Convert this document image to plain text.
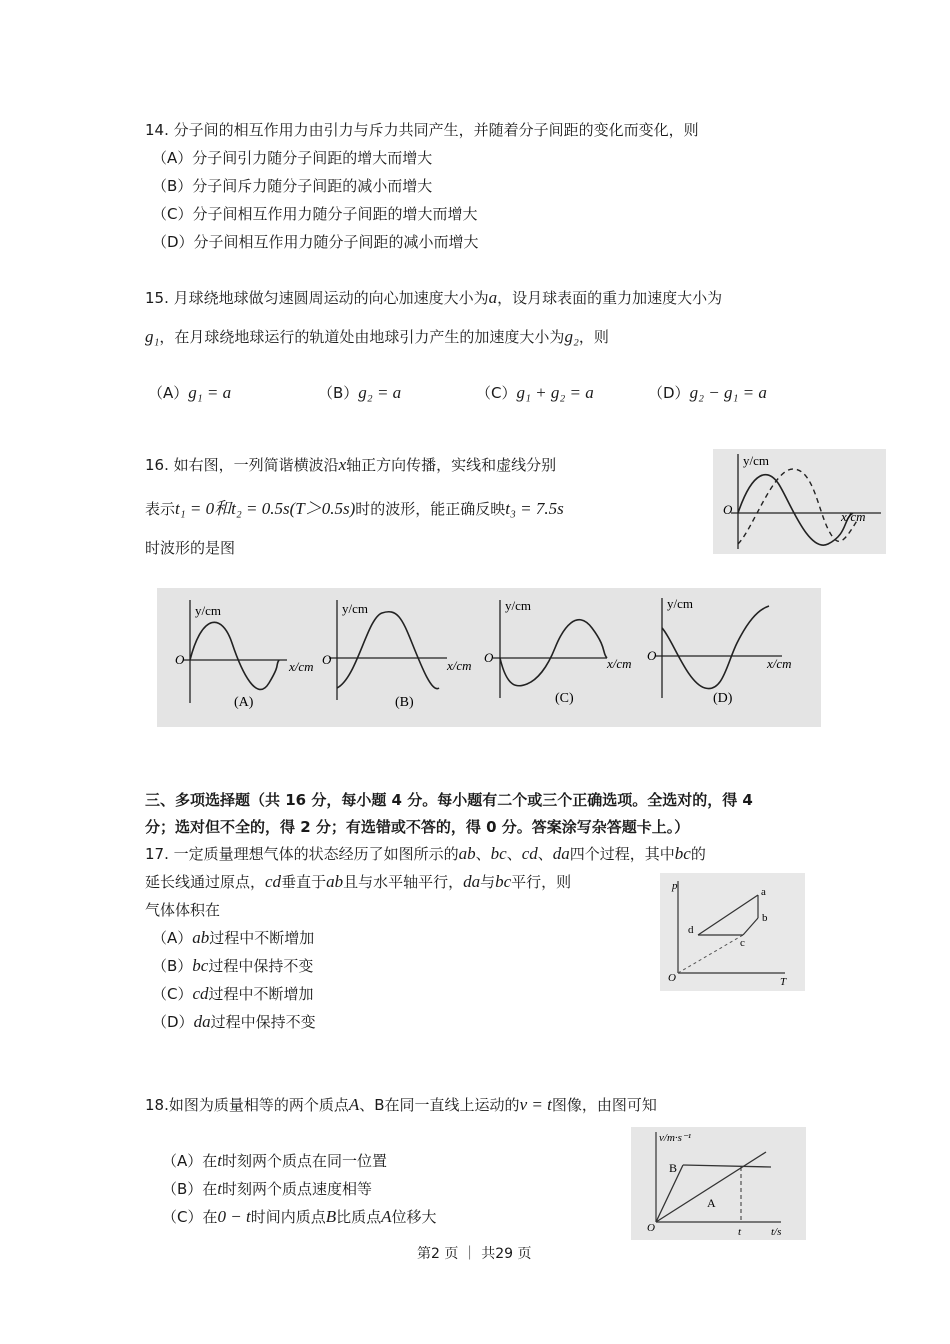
14. 分子间的相互作用力由引力与斥力共同产生，并随着分子间距的变化而变化，则
（A）分子间引力随分子间距的增大而增大
（B）分子间斥力随分子间距的减小而增大
（C）分子间相互作用力随分子间距的增大而增大
（D）分子间相互作用力随分子间距的减小而增大
15. 月球绕地球做匀速圆周运动的向心加速度大小为a，设月球表面的重力加速度大小为
g₁，在月球绕地球运行的轨道处由地球引力产生的加速度大小为g₂，则
（A）g₁ = a	（B）g₂ = a	（C）g₁ + g₂ = a	（D）g₂ − g₁ = a
16. 如右图，一列简谐横波沿x轴正方向传播，实线和虚线分别
表示t₁ = 0和t₂ = 0.5s(T＞0.5s)时的波形，能正确反映t₃ = 7.5s
时波形的是图
y/cm
x/cm
O
y/cm
x/cm
O
(A)
y/cm
x/cm
O
(B)
y/cm
x/cm
O
(C)
y/cm
x/cm
O
(D)
三、多项选择题（共 16 分，每小题 4 分。每小题有二个或三个正确选项。全选对的，得 4
分；选对但不全的，得 2 分；有选错或不答的，得 0 分。答案涂写杂答题卡上。）
17. 一定质量理想气体的状态经历了如图所示的ab、bc、cd、da四个过程，其中bc的
延长线通过原点，cd垂直于ab且与水平轴平行，da与bc平行，则
气体体积在
（A）ab过程中不断增加
（B）bc过程中保持不变
（C）cd过程中不断增加
（D）da过程中保持不变
p
T
O
a
b
c
d
18.如图为质量相等的两个质点A、B在同一直线上运动的v = t图像，由图可知
（A）在t时刻两个质点在同一位置
（B）在t时刻两个质点速度相等
（C）在0 − t时间内质点B比质点A位移大
v/m·s⁻¹
t/s
t
O
B
A
第2 页 ｜ 共29 页
